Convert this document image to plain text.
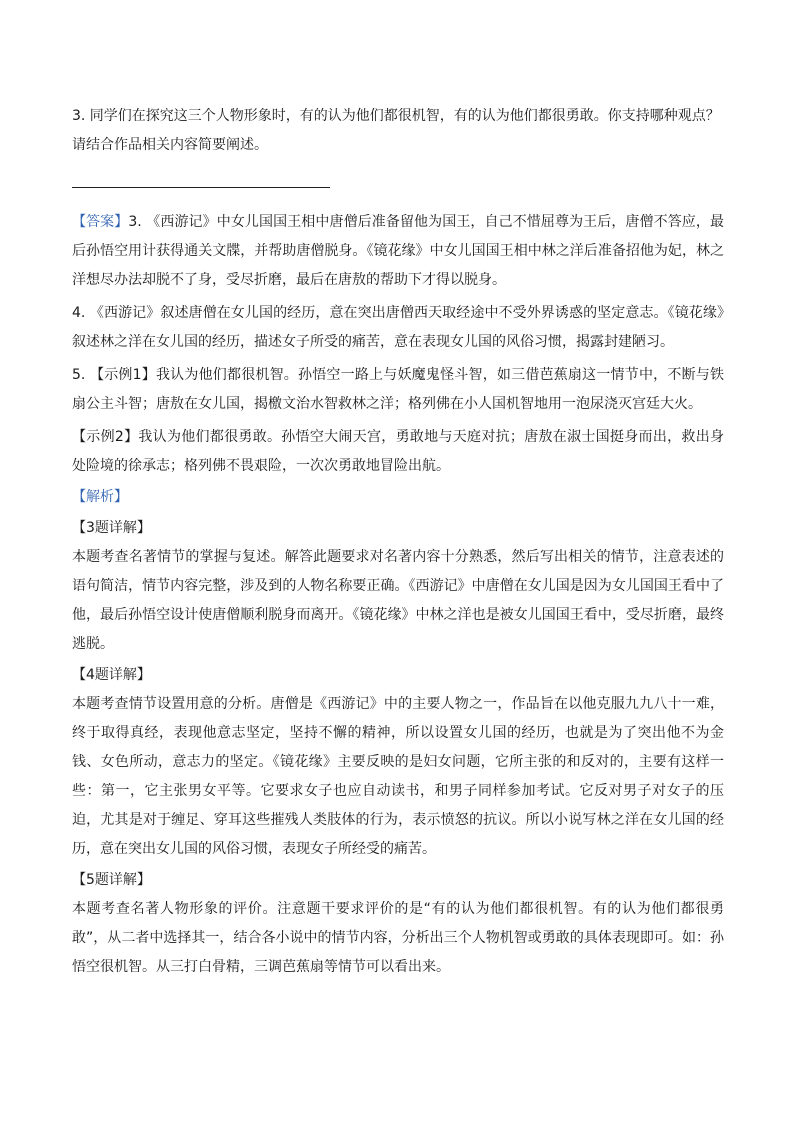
3. 同学们在探究这三个人物形象时，有的认为他们都很机智，有的认为他们都很勇敢。你支持哪种观点？

请结合作品相关内容简要阐述。

【答案】3. 《西游记》中女儿国国王相中唐僧后准备留他为国王，自己不惜屈尊为王后，唐僧不答应，最后孙悟空用计获得通关文牒，并帮助唐僧脱身。《镜花缘》中女儿国国王相中林之洋后准备招他为妃，林之洋想尽办法却脱不了身，受尽折磨，最后在唐敖的帮助下才得以脱身。

4. 《西游记》叙述唐僧在女儿国的经历，意在突出唐僧西天取经途中不受外界诱惑的坚定意志。《镜花缘》叙述林之洋在女儿国的经历，描述女子所受的痛苦，意在表现女儿国的风俗习惯，揭露封建陋习。

5. 【示例1】我认为他们都很机智。孙悟空一路上与妖魔鬼怪斗智，如三借芭蕉扇这一情节中，不断与铁扇公主斗智；唐敖在女儿国，揭檄文治水智救林之洋；格列佛在小人国机智地用一泡尿浇灭宫廷大火。

【示例2】我认为他们都很勇敢。孙悟空大闹天宫，勇敢地与天庭对抗；唐敖在淑士国挺身而出，救出身处险境的徐承志；格列佛不畏艰险，一次次勇敢地冒险出航。

【解析】

【3题详解】

本题考查名著情节的掌握与复述。解答此题要求对名著内容十分熟悉，然后写出相关的情节，注意表述的语句简洁，情节内容完整，涉及到的人物名称要正确。《西游记》中唐僧在女儿国是因为女儿国国王看中了他，最后孙悟空设计使唐僧顺利脱身而离开。《镜花缘》中林之洋也是被女儿国国王看中，受尽折磨，最终逃脱。

【4题详解】

本题考查情节设置用意的分析。唐僧是《西游记》中的主要人物之一，作品旨在以他克服九九八十一难，终于取得真经，表现他意志坚定，坚持不懈的精神，所以设置女儿国的经历，也就是为了突出他不为金钱、女色所动，意志力的坚定。《镜花缘》主要反映的是妇女问题，它所主张的和反对的，主要有这样一些：第一，它主张男女平等。它要求女子也应自动读书，和男子同样参加考试。它反对男子对女子的压迫，尤其是对于缠足、穿耳这些摧残人类肢体的行为，表示愤怒的抗议。所以小说写林之洋在女儿国的经历，意在突出女儿国的风俗习惯，表现女子所经受的痛苦。

【5题详解】

本题考查名著人物形象的评价。注意题干要求评价的是“有的认为他们都很机智。有的认为他们都很勇敢”，从二者中选择其一，结合各小说中的情节内容，分析出三个人物机智或勇敢的具体表现即可。如：孙悟空很机智。从三打白骨精，三调芭蕉扇等情节可以看出来。
